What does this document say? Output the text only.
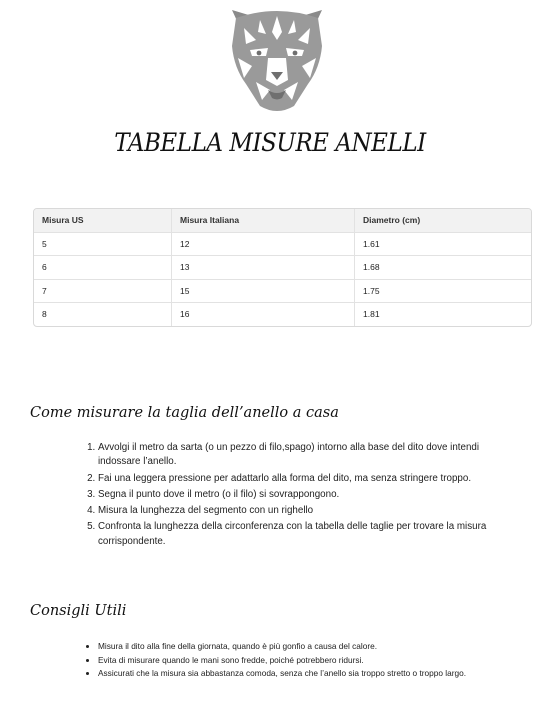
TABELLA MISURE ANELLI
Misura US	Misura Italiana	Diametro (cm)
5	12	1.61
6	13	1.68
7	15	1.75
8	16	1.81
Come misurare la taglia dell’anello a casa
1. Avvolgi il metro da sarta (o un pezzo di filo,spago) intorno alla base del dito dove intendi indossare l’anello.
2. Fai una leggera pressione per adattarlo alla forma del dito, ma senza stringere troppo.
3. Segna il punto dove il metro (o il filo) si sovrappongono.
4. Misura la lunghezza del segmento con un righello
5. Confronta la lunghezza della circonferenza con la tabella delle taglie per trovare la misura corrispondente.
Consigli Utili
• Misura il dito alla fine della giornata, quando è più gonfio a causa del calore.
• Evita di misurare quando le mani sono fredde, poiché potrebbero ridursi.
• Assicurati che la misura sia abbastanza comoda, senza che l’anello sia troppo stretto o troppo largo.
